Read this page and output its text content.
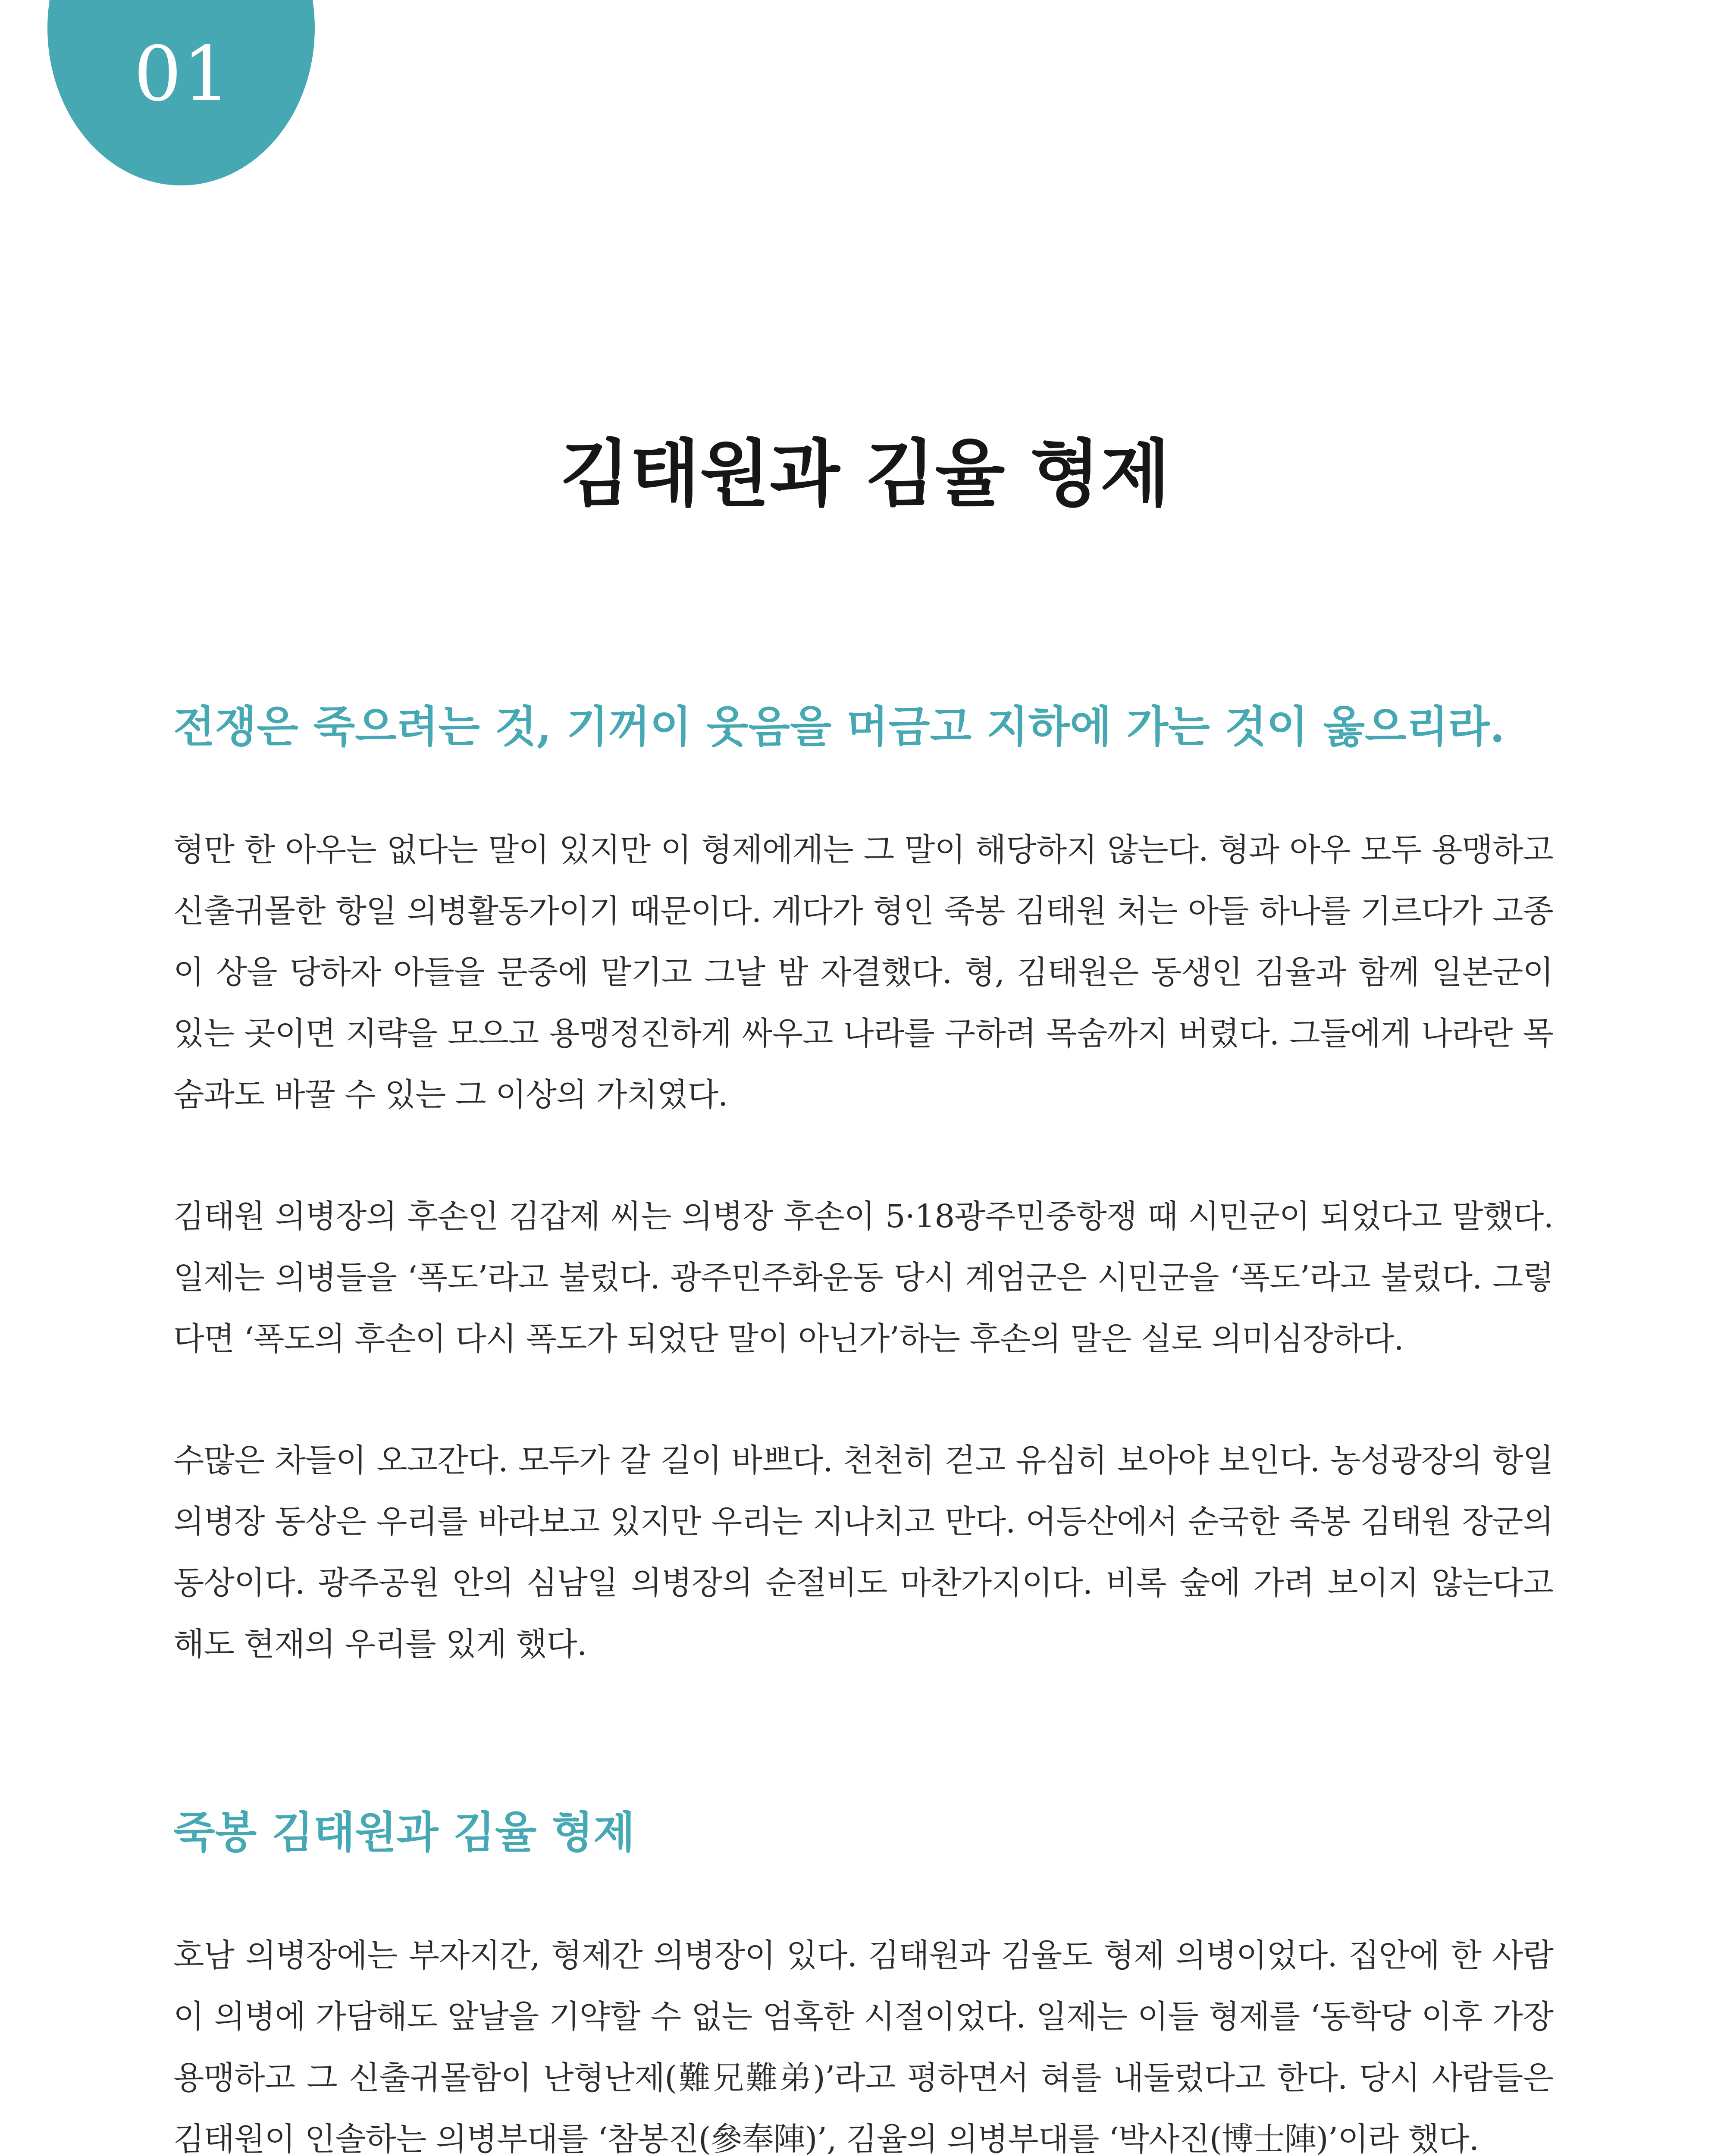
01
김태원과 김율 형제
전쟁은 죽으려는 것, 기꺼이 웃음을 머금고 지하에 가는 것이 옳으리라.

형만 한 아우는 없다는 말이 있지만 이 형제에게는 그 말이 해당하지 않는다. 형과 아우 모두 용맹하고 신출귀몰한 항일 의병활동가이기 때문이다. 게다가 형인 죽봉 김태원 처는 아들 하나를 기르다가 고종이 상을 당하자 아들을 문중에 맡기고 그날 밤 자결했다. 형, 김태원은 동생인 김율과 함께 일본군이 있는 곳이면 지략을 모으고 용맹정진하게 싸우고 나라를 구하려 목숨까지 버렸다. 그들에게 나라란 목숨과도 바꿀 수 있는 그 이상의 가치였다.

김태원 의병장의 후손인 김갑제 씨는 의병장 후손이 5·18광주민중항쟁 때 시민군이 되었다고 말했다. 일제는 의병들을 ‘폭도’라고 불렀다. 광주민주화운동 당시 계엄군은 시민군을 ‘폭도’라고 불렀다. 그렇다면 ‘폭도의 후손이 다시 폭도가 되었단 말이 아닌가’하는 후손의 말은 실로 의미심장하다.

수많은 차들이 오고간다. 모두가 갈 길이 바쁘다. 천천히 걷고 유심히 보아야 보인다. 농성광장의 항일의병장 동상은 우리를 바라보고 있지만 우리는 지나치고 만다. 어등산에서 순국한 죽봉 김태원 장군의 동상이다. 광주공원 안의 심남일 의병장의 순절비도 마찬가지이다. 비록 숲에 가려 보이지 않는다고 해도 현재의 우리를 있게 했다.

죽봉 김태원과 김율 형제

호남 의병장에는 부자지간, 형제간 의병장이 있다. 김태원과 김율도 형제 의병이었다. 집안에 한 사람이 의병에 가담해도 앞날을 기약할 수 없는 엄혹한 시절이었다. 일제는 이들 형제를 ‘동학당 이후 가장 용맹하고 그 신출귀몰함이 난형난제(難兄難弟)’라고 평하면서 혀를 내둘렀다고 한다. 당시 사람들은 김태원이 인솔하는 의병부대를 ‘참봉진(參奉陣)’, 김율의 의병부대를 ‘박사진(博士陣)’이라 했다.
